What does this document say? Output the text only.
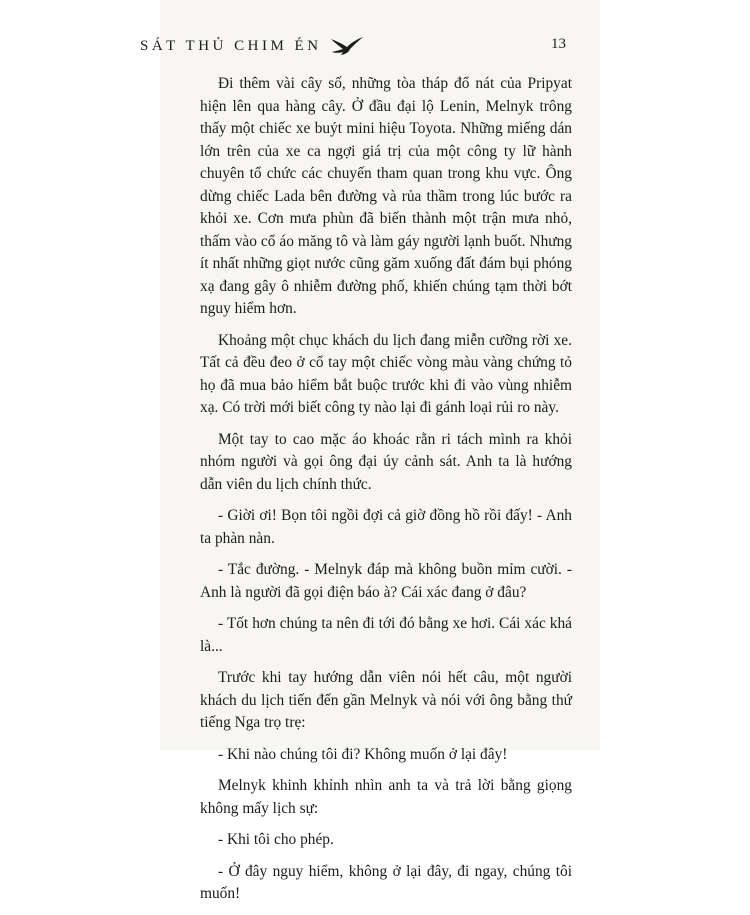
SÁT THỦ CHIM ÉN	13

Đi thêm vài cây số, những tòa tháp đổ nát của Pripyat hiện lên qua hàng cây. Ở đầu đại lộ Lenin, Melnyk trông thấy một chiếc xe buýt mini hiệu Toyota. Những miếng dán lớn trên của xe ca ngợi giá trị của một công ty lữ hành chuyên tổ chức các chuyến tham quan trong khu vực. Ông dừng chiếc Lada bên đường và rủa thầm trong lúc bước ra khỏi xe. Cơn mưa phùn đã biến thành một trận mưa nhỏ, thấm vào cổ áo măng tô và làm gáy người lạnh buốt. Nhưng ít nhất những giọt nước cũng găm xuống đất đám bụi phóng xạ đang gây ô nhiễm đường phố, khiến chúng tạm thời bớt nguy hiểm hơn.

Khoảng một chục khách du lịch đang miễn cưỡng rời xe. Tất cả đều đeo ở cổ tay một chiếc vòng màu vàng chứng tỏ họ đã mua bảo hiểm bắt buộc trước khi đi vào vùng nhiễm xạ. Có trời mới biết công ty nào lại đi gánh loại rủi ro này.

Một tay to cao mặc áo khoác rằn ri tách mình ra khỏi nhóm người và gọi ông đại úy cảnh sát. Anh ta là hướng dẫn viên du lịch chính thức.

- Giời ơi! Bọn tôi ngồi đợi cả giờ đồng hồ rồi đấy! - Anh ta phàn nàn.

- Tắc đường. - Melnyk đáp mà không buồn mỉm cười. - Anh là người đã gọi điện báo à? Cái xác đang ở đâu?

- Tốt hơn chúng ta nên đi tới đó bằng xe hơi. Cái xác khá là...

Trước khi tay hướng dẫn viên nói hết câu, một người khách du lịch tiến đến gần Melnyk và nói với ông bằng thứ tiếng Nga trọ trẹ:

- Khi nào chúng tôi đi? Không muốn ở lại đây!

Melnyk khinh khỉnh nhìn anh ta và trả lời bằng giọng không mấy lịch sự:

- Khi tôi cho phép.

- Ở đây nguy hiểm, không ở lại đây, đi ngay, chúng tôi muốn!
